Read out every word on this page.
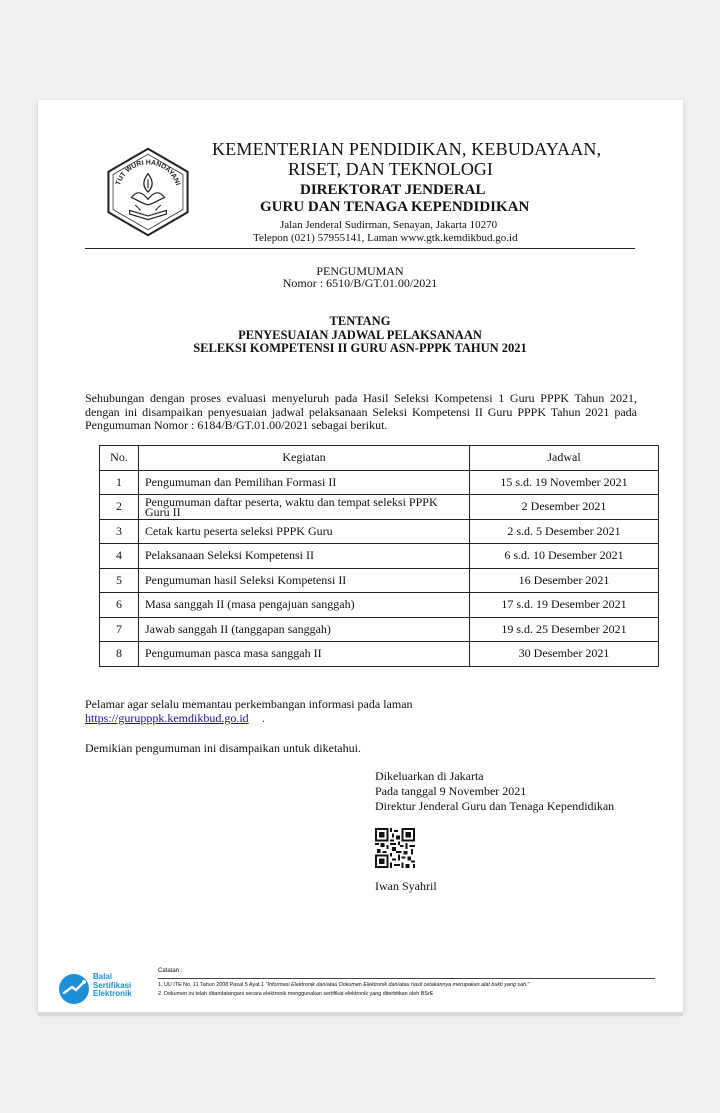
TUT WURI HANDAYANI
KEMENTERIAN PENDIDIKAN, KEBUDAYAAN,
RISET, DAN TEKNOLOGI
DIREKTORAT JENDERAL
GURU DAN TENAGA KEPENDIDIKAN
Jalan Jenderal Sudirman, Senayan, Jakarta 10270
Telepon (021) 57955141, Laman www.gtk.kemdikbud.go.id
PENGUMUMAN
Nomor : 6510/B/GT.01.00/2021
TENTANG
PENYESUAIAN JADWAL PELAKSANAAN
SELEKSI KOMPETENSI II GURU ASN-PPPK TAHUN 2021
Sehubungan dengan proses evaluasi menyeluruh pada Hasil Seleksi Kompetensi 1 Guru PPPK Tahun 2021, dengan ini disampaikan penyesuaian jadwal pelaksanaan Seleksi Kompetensi II Guru PPPK Tahun 2021 pada Pengumuman Nomor : 6184/B/GT.01.00/2021 sebagai berikut.
No.	Kegiatan	Jadwal
1	Pengumuman dan Pemilihan Formasi II	15 s.d. 19 November 2021
2	Pengumuman daftar peserta, waktu dan tempat seleksi PPPK Guru II	2 Desember 2021
3	Cetak kartu peserta seleksi PPPK Guru	2 s.d. 5 Desember 2021
4	Pelaksanaan Seleksi Kompetensi II	6 s.d. 10 Desember 2021
5	Pengumuman hasil Seleksi Kompetensi II	16 Desember 2021
6	Masa sanggah II (masa pengajuan sanggah)	17 s.d. 19 Desember 2021
7	Jawab sanggah II (tanggapan sanggah)	19 s.d. 25 Desember 2021
8	Pengumuman pasca masa sanggah II	30 Desember 2021
Pelamar agar selalu memantau perkembangan informasi pada laman
https://gurupppk.kemdikbud.go.id .
Demikian pengumuman ini disampaikan untuk diketahui.
Dikeluarkan di Jakarta
Pada tanggal 9 November 2021
Direktur Jenderal Guru dan Tenaga Kependidikan
Iwan Syahril
Balai
Sertifikasi
Elektronik
Catatan :
1. UU ITE No. 11 Tahun 2008 Pasal 5 Ayat 1 "Informasi Elektronik dan/atau Dokumen Elektronik dan/atau hasil cetakannya merupakan alat bukti yang sah."
2. Dokumen ini telah ditandatangani secara elektronik menggunakan sertifikat elektronik yang diterbitkan oleh BSrE
